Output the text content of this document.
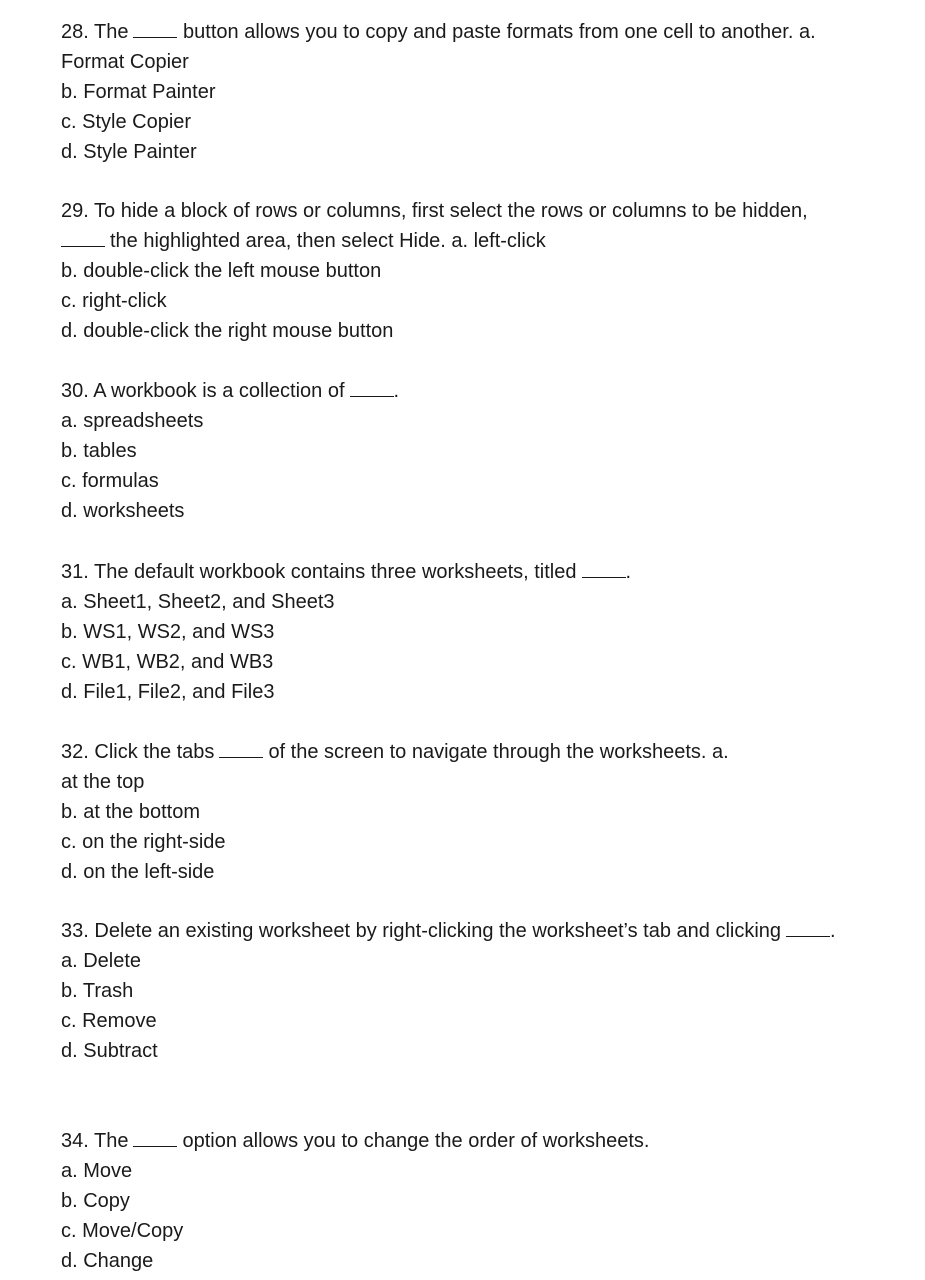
28. The	button allows you to copy and paste formats from one cell to another. a.
Format Copier
b. Format Painter
c. Style Copier
d. Style Painter
29. To hide a block of rows or columns, first select the rows or columns to be hidden,
the highlighted area, then select Hide. a. left-click
b. double-click the left mouse button
c. right-click
d. double-click the right mouse button
30. A workbook is a collection of .
a. spreadsheets
b. tables
c. formulas
d. worksheets
31. The default workbook contains three worksheets, titled .
a. Sheet1, Sheet2, and Sheet3
b. WS1, WS2, and WS3
c. WB1, WB2, and WB3
d. File1, File2, and File3
32. Click the tabs	of the screen to navigate through the worksheets. a.
at the top
b. at the bottom
c. on the right-side
d. on the left-side
33. Delete an existing worksheet by right-clicking the worksheet’s tab and clicking .
a. Delete
b. Trash
c. Remove
d. Subtract
34. The	option allows you to change the order of worksheets.
a. Move
b. Copy
c. Move/Copy
d. Change
